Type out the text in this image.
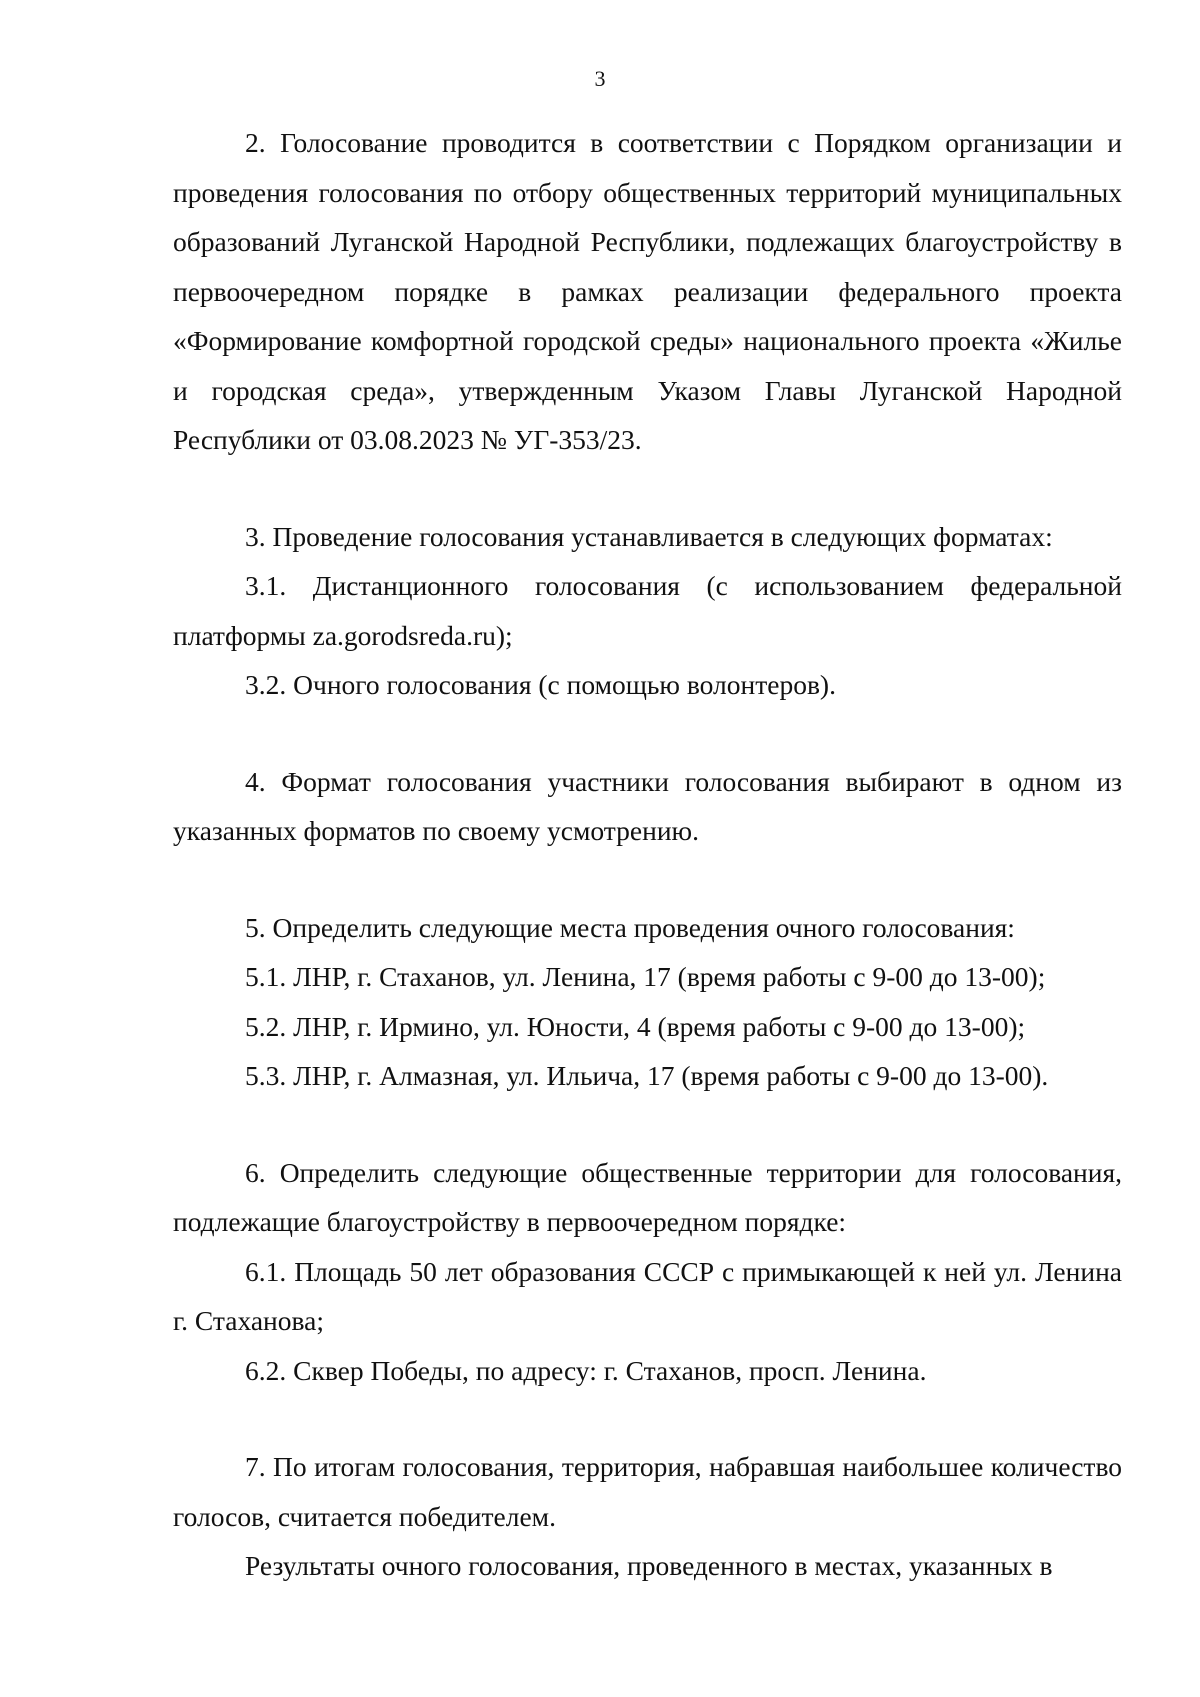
3

2. Голосование проводится в соответствии с Порядком организации и проведения голосования по отбору общественных территорий муниципальных образований Луганской Народной Республики, подлежащих благоустройству в первоочередном порядке в рамках реализации федерального проекта «Формирование комфортной городской среды» национального проекта «Жилье и городская среда», утвержденным Указом Главы Луганской Народной Республики от 03.08.2023 № УГ-353/23.

3. Проведение голосования устанавливается в следующих форматах:

3.1. Дистанционного голосования (с использованием федеральной платформы za.gorodsreda.ru);

3.2. Очного голосования (с помощью волонтеров).

4. Формат голосования участники голосования выбирают в одном из указанных форматов по своему усмотрению.

5. Определить следующие места проведения очного голосования:

5.1. ЛНР, г. Стаханов, ул. Ленина, 17 (время работы с 9-00 до 13-00);

5.2. ЛНР, г. Ирмино, ул. Юности, 4 (время работы с 9-00 до 13-00);

5.3. ЛНР, г. Алмазная, ул. Ильича, 17 (время работы с 9-00 до 13-00).

6. Определить следующие общественные территории для голосования, подлежащие благоустройству в первоочередном порядке:

6.1. Площадь 50 лет образования СССР с примыкающей к ней ул. Ленина г. Стаханова;

6.2. Сквер Победы, по адресу: г. Стаханов, просп. Ленина.

7. По итогам голосования, территория, набравшая наибольшее количество голосов, считается победителем.

Результаты очного голосования, проведенного в местах, указанных в
